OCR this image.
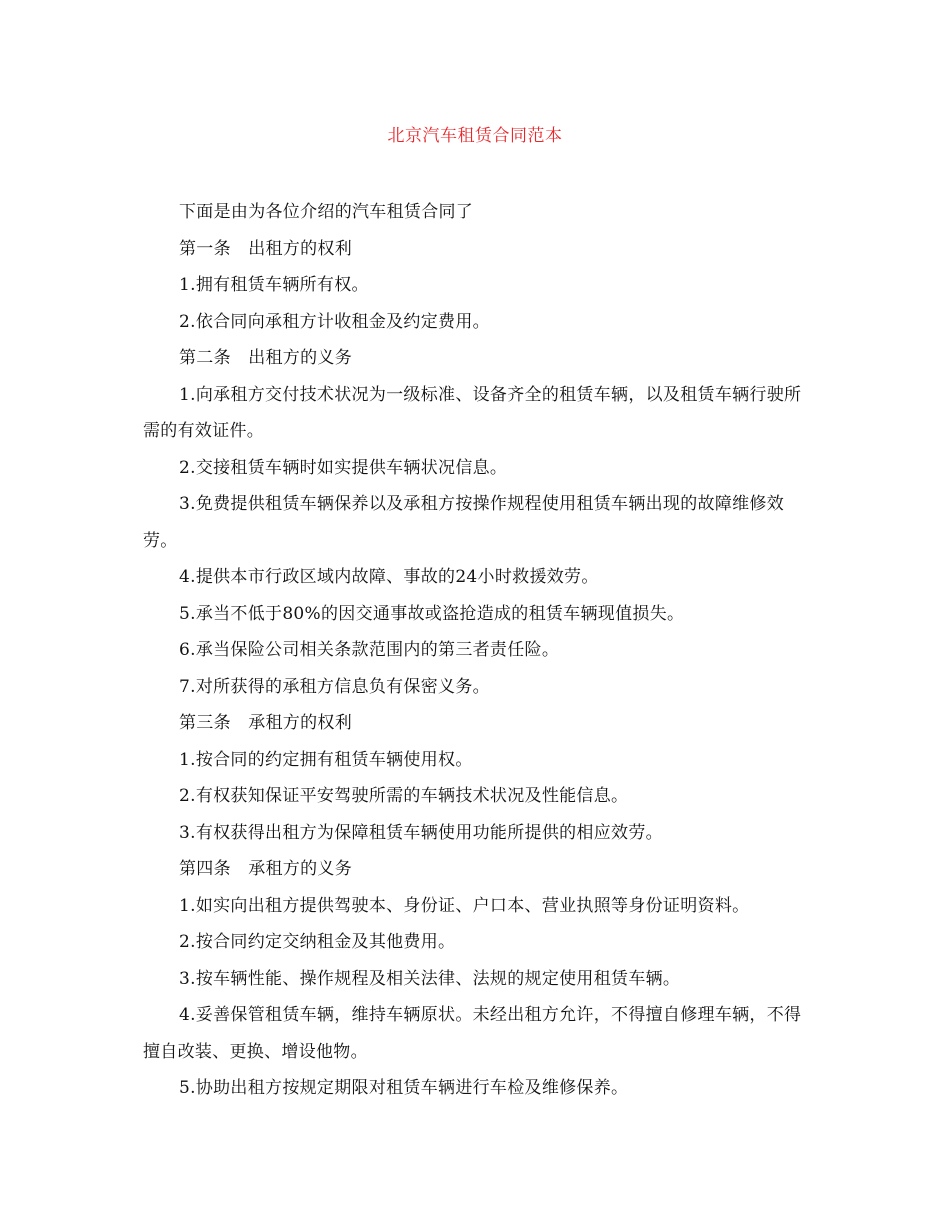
北京汽车租赁合同范本

下面是由为各位介绍的汽车租赁合同了

第一条　出租方的权利

1.拥有租赁车辆所有权。

2.依合同向承租方计收租金及约定费用。

第二条　出租方的义务

1.向承租方交付技术状况为一级标准、设备齐全的租赁车辆，以及租赁车辆行驶所需的有效证件。

2.交接租赁车辆时如实提供车辆状况信息。

3.免费提供租赁车辆保养以及承租方按操作规程使用租赁车辆出现的故障维修效劳。

4.提供本市行政区域内故障、事故的24小时救援效劳。

5.承当不低于80%的因交通事故或盗抢造成的租赁车辆现值损失。

6.承当保险公司相关条款范围内的第三者责任险。

7.对所获得的承租方信息负有保密义务。

第三条　承租方的权利

1.按合同的约定拥有租赁车辆使用权。

2.有权获知保证平安驾驶所需的车辆技术状况及性能信息。

3.有权获得出租方为保障租赁车辆使用功能所提供的相应效劳。

第四条　承租方的义务

1.如实向出租方提供驾驶本、身份证、户口本、营业执照等身份证明资料。

2.按合同约定交纳租金及其他费用。

3.按车辆性能、操作规程及相关法律、法规的规定使用租赁车辆。

4.妥善保管租赁车辆，维持车辆原状。未经出租方允许，不得擅自修理车辆，不得擅自改装、更换、增设他物。

5.协助出租方按规定期限对租赁车辆进行车检及维修保养。
